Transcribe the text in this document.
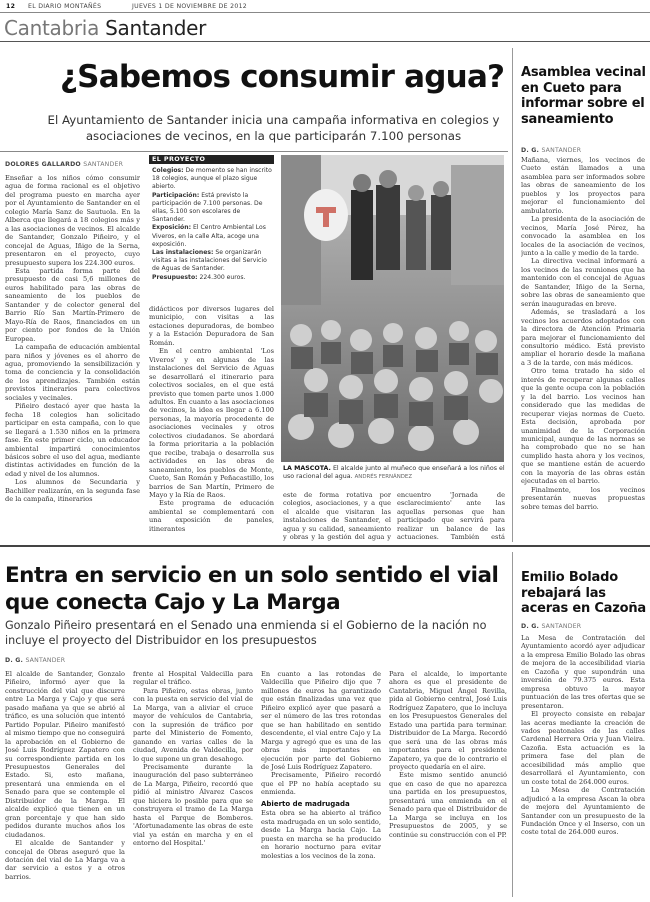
12 EL DIARIO MONTAÑÉS	JUEVES 1 DE NOVIEMBRE DE 2012
Cantabria Santander
¿Sabemos consumir agua?
El Ayuntamiento de Santander inicia una campaña informativa en colegios y asociaciones de vecinos, en la que participarán 7.100 personas
DOLORES GALLARDO SANTANDER

Enseñar a los niños cómo consumir agua de forma racional es el objetivo del programa puesto en marcha ayer por el Ayuntamiento de Santander en el colegio María Sanz de Sautuola. En la Alberca que llegará a 18 colegios más y a las asociaciones de vecinos. El alcalde de Santander, Gonzalo Piñeiro, y el concejal de Aguas, Iñigo de la Serna, presentaron en el proyecto, cuyo presupuesto supera los 224.300 euros.

Esta partida forma parte del presupuesto de casi 5,6 millones de euros habilitado para las obras de saneamiento de los pueblos de Santander y de colector general del Barrio Río San Martín-Primero de Mayo-Ría de Raos, financiados en un por ciento por fondos de la Unión Europea.

La campaña de educación ambiental para niños y jóvenes es el ahorro de agua, promoviendo la sensibilización y toma de conciencia y la consolidación de los aprendizajes. También están previstos itinerarios para colectivos sociales y vecinales.

Piñeiro destacó ayer que hasta la fecha 18 colegios han solicitado participar en esta campaña, con lo que se llegará a 1.530 niños en la primera fase. En este primer ciclo, un educador ambiental impartirá conocimientos básicos sobre el uso del agua, mediante distintas actividades en función de la edad y nivel de los alumnos.

Los alumnos de Secundaria y Bachiller realizarán, en la segunda fase de la campaña, itinerarios

EL PROYECTO
Colegios: De momento se han inscrito 18 colegios, aunque el plazo sigue abierto.
Participación: Está previsto la participación de 7.100 personas. De ellas, 5.100 son escolares de Santander.
Exposición: El Centro Ambiental Los Viveros, en la calle Alta, acoge una exposición.
Las instalaciones: Se organizarán visitas a las instalaciones del Servicio de Aguas de Santander.
Presupuesto: 224.300 euros.

didácticos por diversos lugares del municipio, con visitas a las estaciones depuradoras, de bombeo y a la Estación Depuradora de San Román.

En el centro ambiental 'Los Viveros' y en algunas de las instalaciones del Servicio de Aguas se desarrollará el itinerario para colectivos sociales, en el que está previsto que tomen parte unos 1.000 adultos. En cuanto a las asociaciones de vecinos, la idea es llegar a 6.100 personas, la mayoría procedente de asociaciones vecinales y otros colectivos ciudadanos. Se abordará la forma prioritaria a la población que recibe, trabaja o desarrolla sus actividades en las obras de saneamiento, los pueblos de Monte, Cueto, San Román y Peñacastillo, los barrios de San Martín, Primero de Mayo y la Ría de Raos.

Este programa de educación ambiental se complementará con una exposición de paneles, itinerantes

LA MASCOTA. El alcalde junto al muñeco que enseñará a los niños el uso racional del agua. ANDRÉS FERNÁNDEZ

este de forma rotativa por colegios, asociaciones, y a que el alcalde que visitaran las instalaciones de Santander, el agua y su calidad, saneamiento y obras y la gestión del agua y

encuentro 'Jornada de esclarecimiento' ante las aquellas personas que han participado que servirá para realizar un balance de las actuaciones. También está

Asamblea vecinal en Cueto para informar sobre el saneamiento
D. G. SANTANDER

Mañana, viernes, los vecinos de Cueto están llamados a una asamblea para ser informados sobre las obras de saneamiento de los pueblos y los proyectos para mejorar el funcionamiento del ambulatorio.

La presidenta de la asociación de vecinos, María José Pérez, ha convocado la asamblea en los locales de la asociación de vecinos, junto a la calle y medio de la tarde.

La directiva vecinal informará a los vecinos de las reuniones que ha mantenido con el concejal de Aguas de Santander, Iñigo de la Serna, sobre las obras de saneamiento que serán inauguradas en breve.

Además, se trasladará a los vecinos los acuerdos adoptados con la directora de Atención Primaria para mejorar el funcionamiento del consultorio médico. Está previsto ampliar el horario desde la mañana a 3 de la tarde, con más médicos.

Otro tema tratado ha sido el interés de recuperar algunas calles que la gente ocupa con la población y la del barrio. Los vecinos han considerado que las medidas de recuperar viejas normas de Cueto. Esta decisión, aprobada por unanimidad de la Corporación municipal, aunque de las normas se ha comprobado que no se han cumplido hasta ahora y los vecinos, que se mantiene están de acuerdo con la mayoría de las obras están ejecutadas en el barrio.

Finalmente, los vecinos presentarán nuevas propuestas sobre temas del barrio.

Entra en servicio en un solo sentido el vial que conecta Cajo y La Marga
Gonzalo Piñeiro presentará en el Senado una enmienda si el Gobierno de la nación no incluye el proyecto del Distribuidor en los presupuestos
D. G. SANTANDER

El alcalde de Santander, Gonzalo Piñeiro, informó ayer que la construcción del vial que discurre entre La Marga y Cajo y que será pasado mañana ya que se abrió al tráfico, es una solución que intentó Partido Popular. Piñeiro manifestó al mismo tiempo que no conseguirá la aprobación en el Gobierno de José Luis Rodríguez Zapatero con su correspondiente partida en los Presupuestos Generales del Estado. Si, esto mañana, presentará una enmienda en el Senado para que se contemple el Distribuidor de la Marga. El alcalde explicó que tienen en un gran porcentaje y que han sido pedidos durante muchos años los ciudadanos.

El alcalde de Santander y concejal de Obras aseguró que la dotación del vial de La Marga va a dar servicio a estos y a otros barrios.

frente al Hospital Valdecilla para regular el tráfico.

Para Piñeiro, estas obras, junto con la puesta en servicio del vial de La Marga, van a aliviar el cruce mayor de vehículos de Cantabria, con la supresión de tráfico por parte del Ministerio de Fomento, ganando en varias calles de la ciudad, Avenida de Valdecilla, por lo que supone un gran desahogo.

Precisamente durante la inauguración del paso subterráneo de La Marga, Piñeiro, recordó que pidió al ministro Álvarez Cascos que hiciera lo posible para que se construyera el tramo de La Marga hasta el Parque de Bomberos. 'Afortunadamente las obras de este vial ya están en marcha y en el entorno del Hospital.'

En cuanto a las rotondas de Valdecilla que Piñeiro dijo que 7 millones de euros ha garantizado que están finalizadas una vez que Piñeiro explicó ayer que pasará a ser el número de las tres rotondas que se han habilitado en sentido descendente, el vial entre Cajo y La Marga y agregó que es una de las obras más importantes en ejecución por parte del Gobierno de José Luis Rodríguez Zapatero.

Precisamente, Piñeiro recordó que el PP no había aceptado su enmienda.

Abierto de madrugada

Esta obra se ha abierto al tráfico esta madrugada en un solo sentido, desde La Marga hacia Cajo. La puesta en marcha se ha producido en horario nocturno para evitar molestias a los vecinos de la zona.

Para el alcalde, lo importante ahora es que el presidente de Cantabria, Miguel Ángel Revilla, pida al Gobierno central, José Luis Rodríguez Zapatero, que lo incluya en los Presupuestos Generales del Estado una partida para terminar. Distribuidor de La Marga. Recordó que será una de las obras más importantes para el presidente Zapatero, ya que de lo contrario el proyecto quedaría en el aire.

Este mismo sentido anunció que en caso de que no aparezca una partida en los presupuestos, presentará una enmienda en el Senado para que el Distribuidor de La Marga se incluya en los Presupuestos de 2005, y se continúe su construcción con el PP.

Emilio Bolado rebajará las aceras en Cazoña
D. G. SANTANDER

La Mesa de Contratación del Ayuntamiento acordó ayer adjudicar a la empresa Emilio Bolado las obras de mejora de la accesibilidad viaria en Cazoña y que supondrán una inversión de 79.375 euros. Esta empresa obtuvo la mayor puntuación de las tres ofertas que se presentaron.

El proyecto consiste en rebajar las aceras mediante la creación de vados peatonales de las calles Cardenal Herrera Oria y Juan Vieira. Cazoña. Esta actuación es la primera fase del plan de accesibilidad más amplio que desarrollará el Ayuntamiento, con un coste total de 264.000 euros.

La Mesa de Contratación adjudicó a la empresa Ascan la obra de mejora del Ayuntamiento de Santander con un presupuesto de la Fundación Once y el Inserso, con un coste total de 264.000 euros.
